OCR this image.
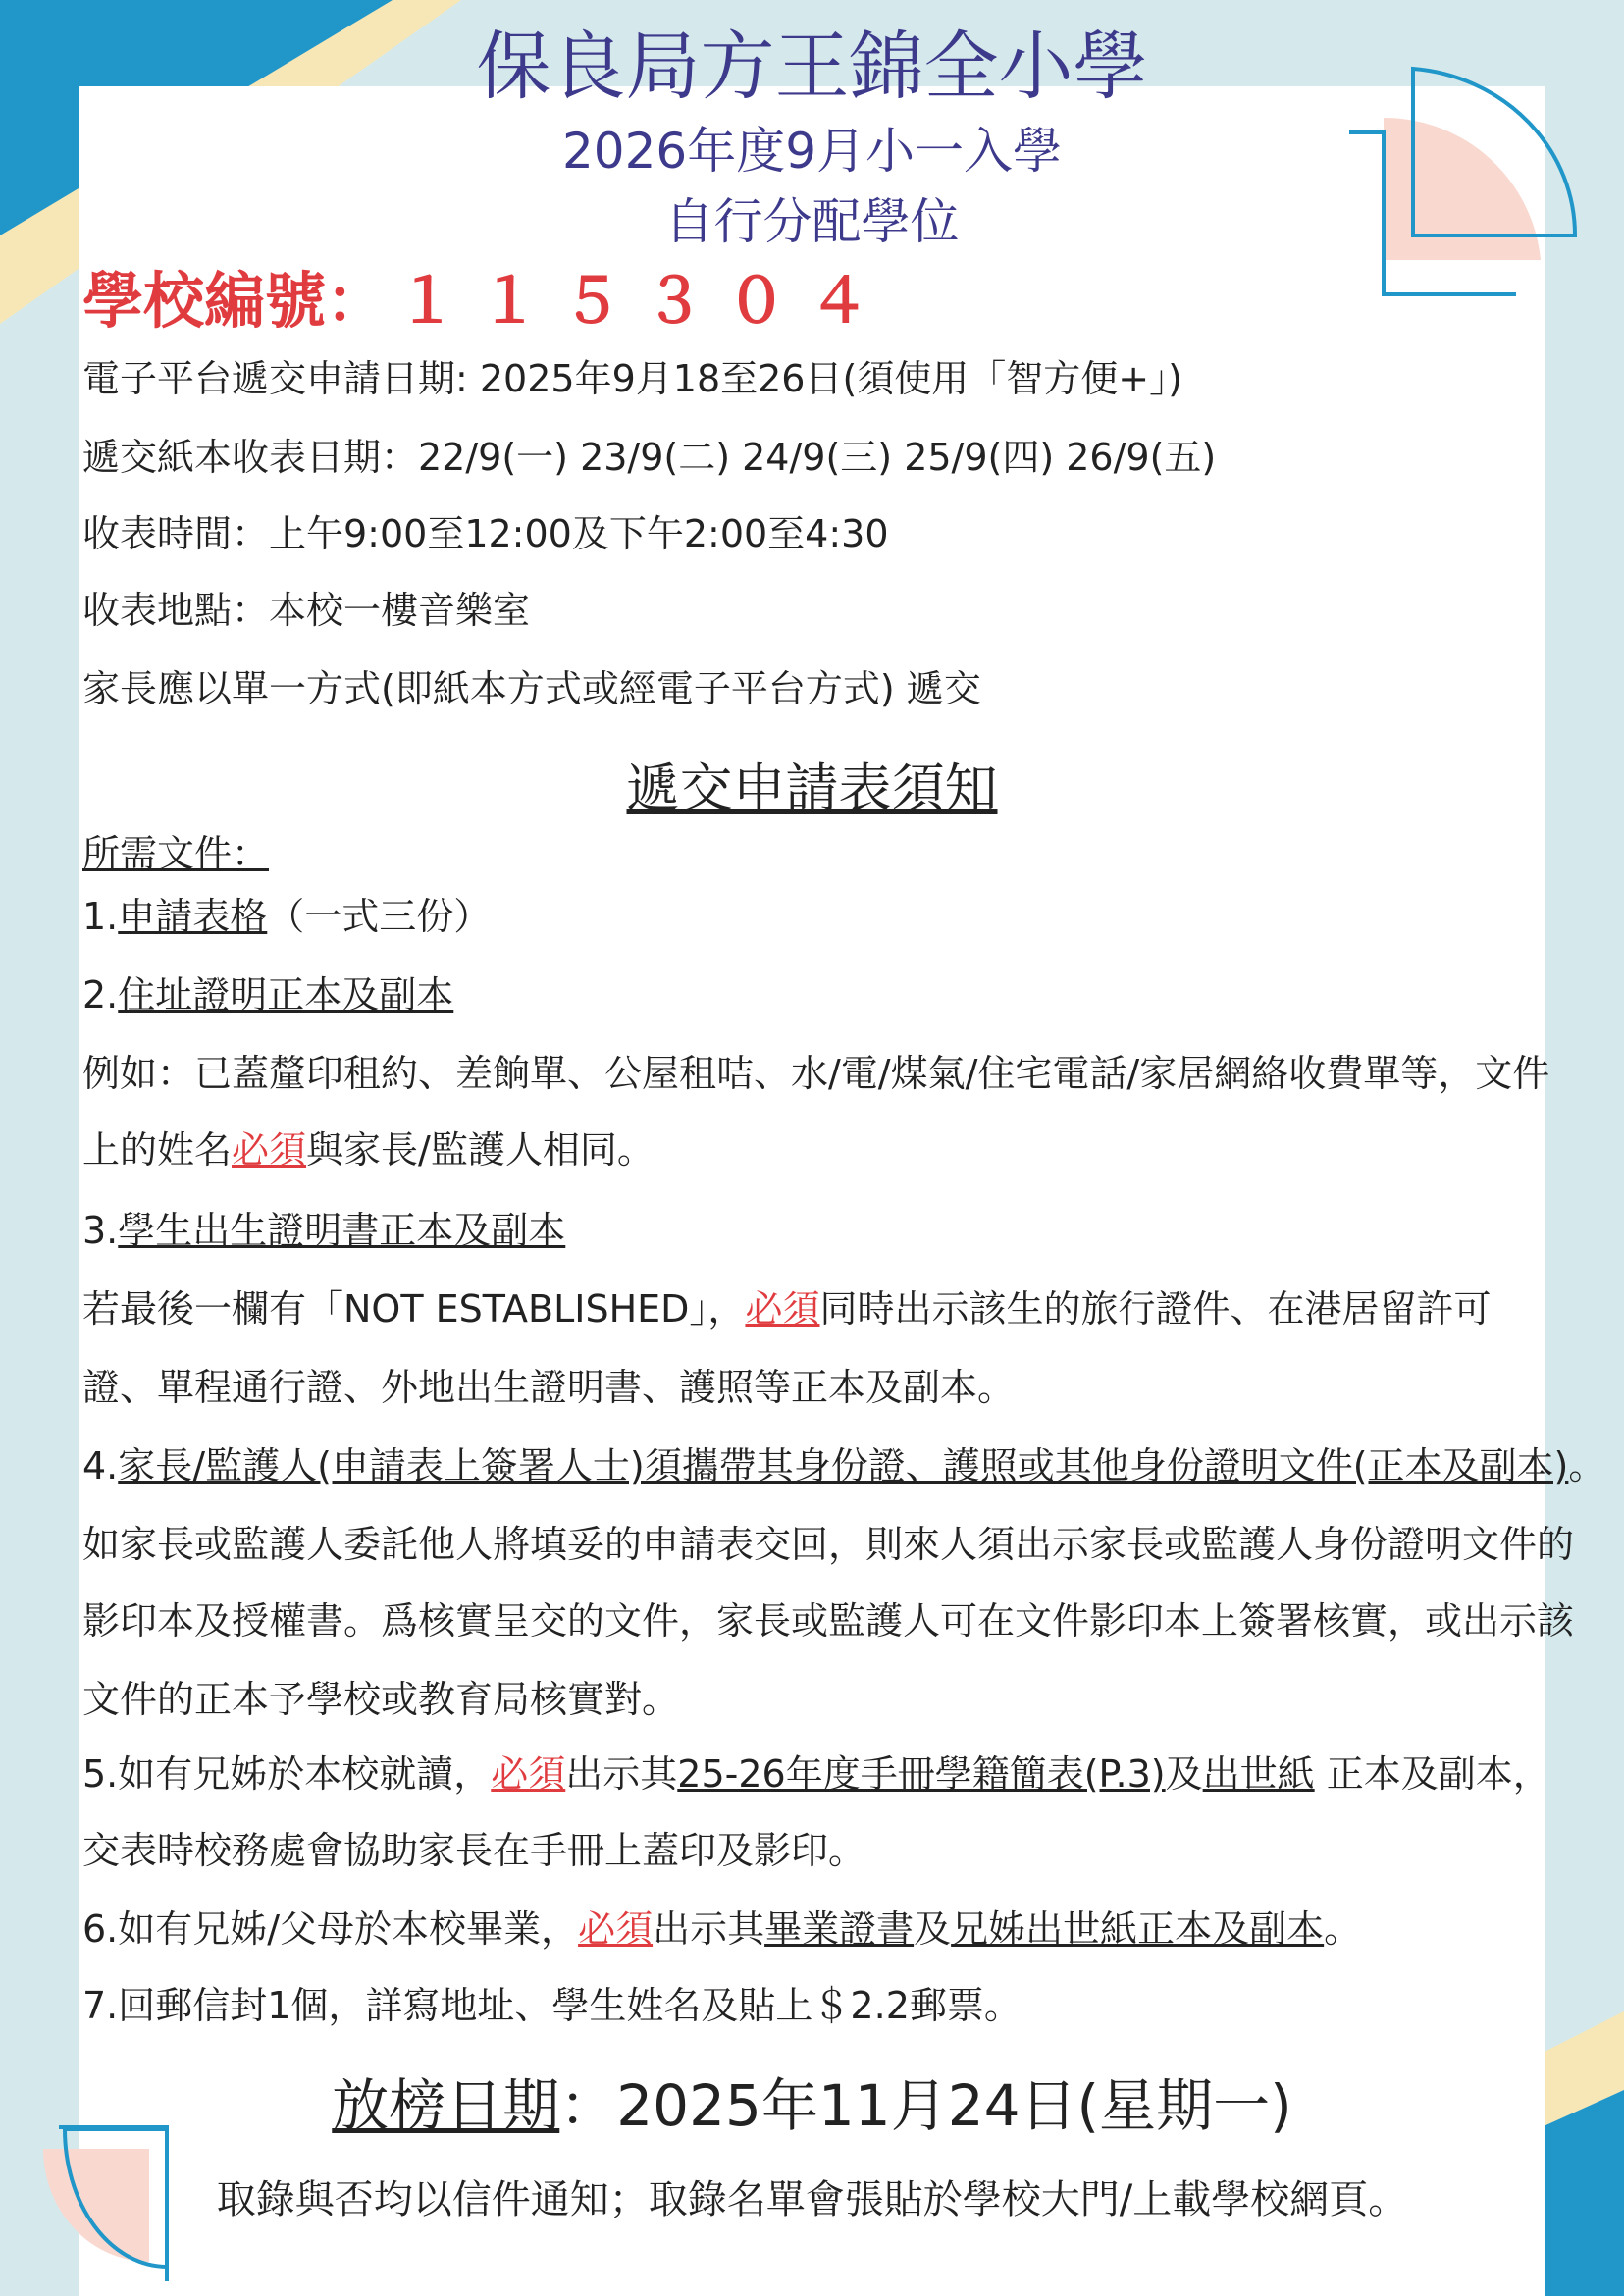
保良局方王錦全小學
2026年度9月小一入學
自行分配學位
學校編號： １１５３０４
電子平台遞交申請日期: 2025年9月18至26日(須使用「智方便+」)
遞交紙本收表日期：22/9(一) 23/9(二) 24/9(三) 25/9(四) 26/9(五)
收表時間：上午9:00至12:00及下午2:00至4:30
收表地點：本校一樓音樂室
家長應以單一方式(即紙本方式或經電子平台方式) 遞交
遞交申請表須知
所需文件：
1.申請表格（一式三份）
2.住址證明正本及副本
例如：已蓋釐印租約、差餉單、公屋租咭、水/電/煤氣/住宅電話/家居網絡收費單等，文件
上的姓名必須與家長/監護人相同。
3.學生出生證明書正本及副本
若最後一欄有「NOT ESTABLISHED」，必須同時出示該生的旅行證件、在港居留許可
證、單程通行證、外地出生證明書、護照等正本及副本。
4.家長/監護人(申請表上簽署人士)須攜帶其身份證、護照或其他身份證明文件(正本及副本)。
如家長或監護人委託他人將填妥的申請表交回，則來人須出示家長或監護人身份證明文件的
影印本及授權書。爲核實呈交的文件，家長或監護人可在文件影印本上簽署核實，或出示該
文件的正本予學校或教育局核實對。
5.如有兄姊於本校就讀，必須出示其25-26年度手冊學籍簡表(P.3)及出世紙 正本及副本，
交表時校務處會協助家長在手冊上蓋印及影印。
6.如有兄姊/父母於本校畢業，必須出示其畢業證書及兄姊出世紙正本及副本。
7.回郵信封1個，詳寫地址、學生姓名及貼上＄2.2郵票。
放榜日期：2025年11月24日(星期一)
取錄與否均以信件通知；取錄名單會張貼於學校大門/上載學校網頁。
